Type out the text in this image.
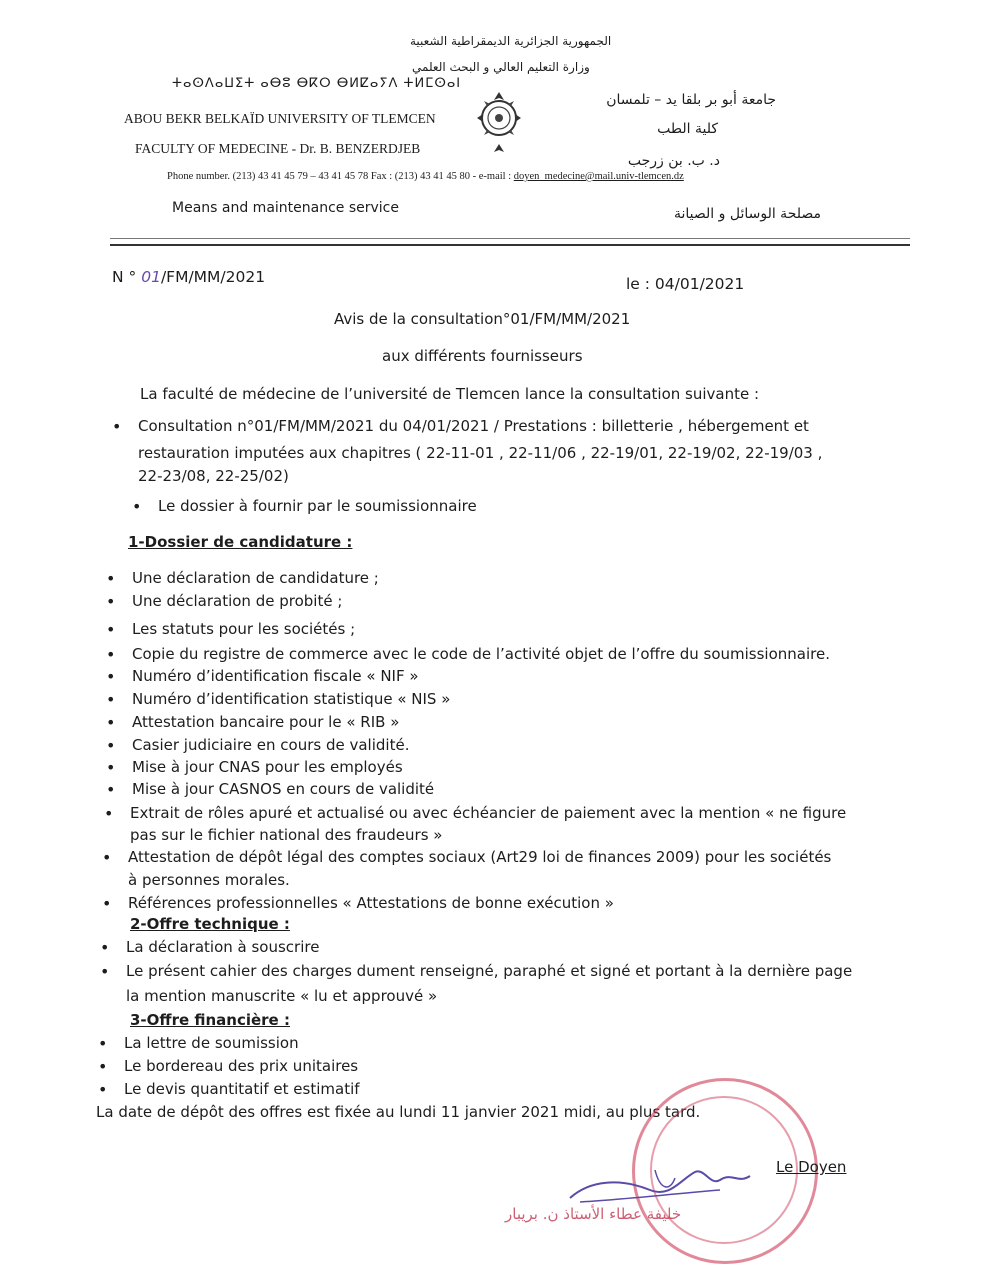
الجمهورية الجزائرية الديمقراطية الشعبية
وزارة التعليم العالي و البحث العلمي
ⵜⴰⵙⴷⴰⵡⵉⵜ ⴰⴱⵓ ⴱⴽⵔ ⴱⵍⵇⴰⵢⴷ ⵜⵍⵎⵙⴰⵏ
ABOU BEKR BELKAÏD UNIVERSITY OF TLEMCEN
FACULTY OF MEDECINE - Dr. B. BENZERDJEB
Phone number. (213) 43 41 45 79 – 43 41 45 78 Fax : (213) 43 41 45 80 - e-mail : doyen_medecine@mail.univ-tlemcen.dz
Means and maintenance service
جامعة أبو بر بلقا يد – تلمسان
كلية الطب
د. ب. بن زرجب
مصلحة الوسائل و الصيانة
N ° 01/FM/MM/2021	le : 04/01/2021
Avis de la consultation°01/FM/MM/2021
aux différents fournisseurs
La faculté de médecine de l’université de Tlemcen lance la consultation suivante :
• Consultation n°01/FM/MM/2021 du 04/01/2021 / Prestations : billetterie , hébergement et
restauration imputées aux chapitres ( 22-11-01 , 22-11/06 , 22-19/01, 22-19/02, 22-19/03 ,
22-23/08, 22-25/02)
• Le dossier à fournir par le soumissionnaire
1-Dossier de candidature :
• Une déclaration de candidature ;
• Une déclaration de probité ;
• Les statuts pour les sociétés ;
• Copie du registre de commerce avec le code de l’activité objet de l’offre du soumissionnaire.
• Numéro d’identification fiscale « NIF »
• Numéro d’identification statistique « NIS »
• Attestation bancaire pour le « RIB »
• Casier judiciaire en cours de validité.
• Mise à jour CNAS pour les employés
• Mise à jour CASNOS en cours de validité
• Extrait de rôles apuré et actualisé ou avec échéancier de paiement avec la mention « ne figure
pas sur le fichier national des fraudeurs »
• Attestation de dépôt légal des comptes sociaux (Art29 loi de finances 2009) pour les sociétés
à personnes morales.
• Références professionnelles « Attestations de bonne exécution »
2-Offre technique :
• La déclaration à souscrire
• Le présent cahier des charges dument renseigné, paraphé et signé et portant à la dernière page
la mention manuscrite « lu et approuvé »
3-Offre financière :
• La lettre de soumission
• Le bordereau des prix unitaires
• Le devis quantitatif et estimatif
La date de dépôt des offres est fixée au lundi 11 janvier 2021 midi, au plus tard.
خليفة عطاء الأستاذ ن. بريبار
Le Doyen
